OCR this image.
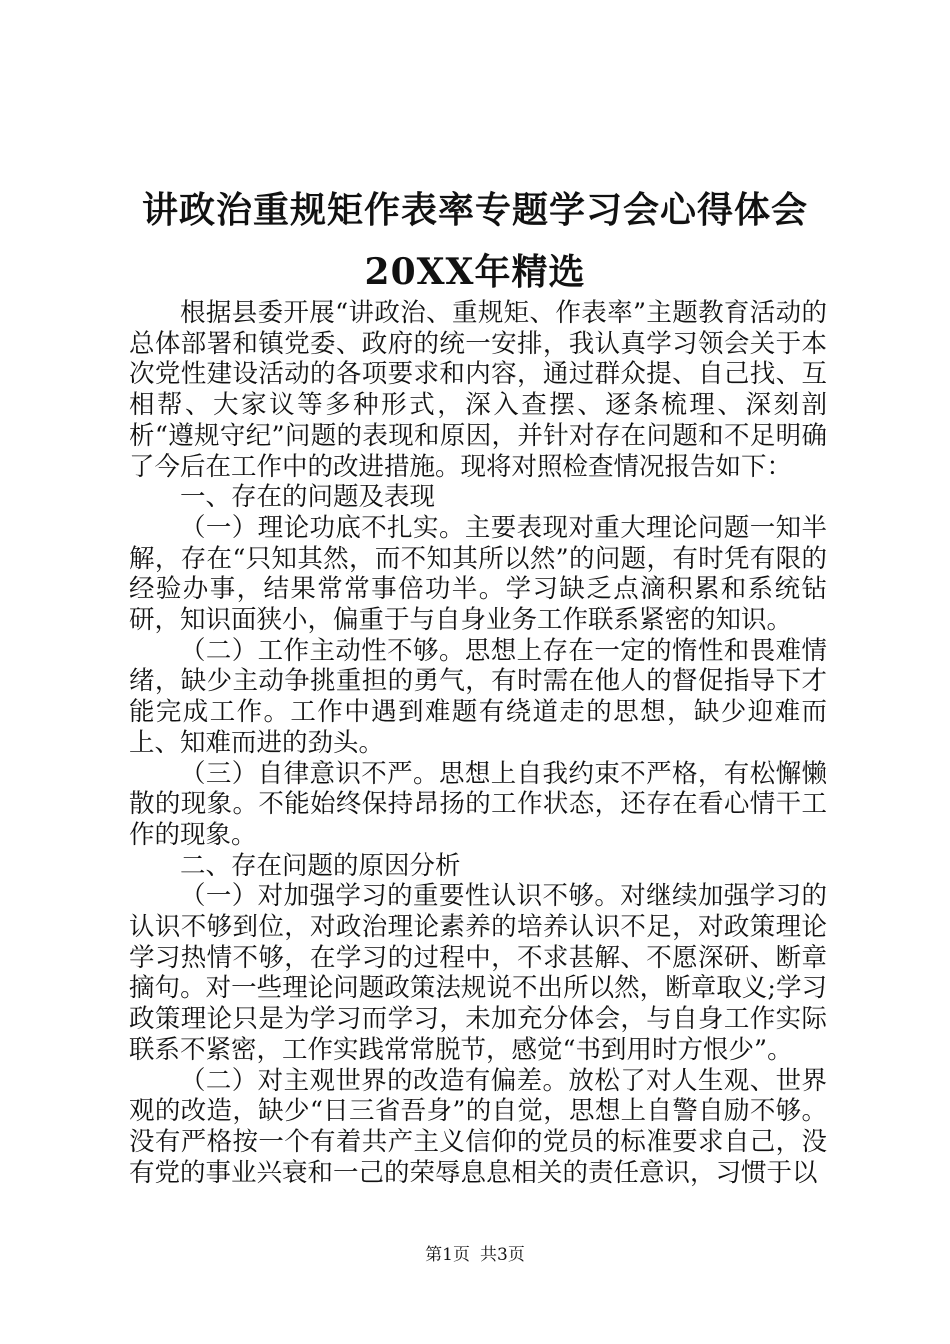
讲政治重规矩作表率专题学习会心得体会
20XX年精选

根据县委开展“讲政治、重规矩、作表率”主题教育活动的总体部署和镇党委、政府的统一安排，我认真学习领会关于本次党性建设活动的各项要求和内容，通过群众提、自己找、互相帮、大家议等多种形式，深入查摆、逐条梳理、深刻剖析“遵规守纪”问题的表现和原因，并针对存在问题和不足明确了今后在工作中的改进措施。现将对照检查情况报告如下：

一、存在的问题及表现

（一）理论功底不扎实。主要表现对重大理论问题一知半解，存在“只知其然，而不知其所以然”的问题，有时凭有限的经验办事，结果常常事倍功半。学习缺乏点滴积累和系统钻研，知识面狭小，偏重于与自身业务工作联系紧密的知识。

（二）工作主动性不够。思想上存在一定的惰性和畏难情绪，缺少主动争挑重担的勇气，有时需在他人的督促指导下才能完成工作。工作中遇到难题有绕道走的思想，缺少迎难而上、知难而进的劲头。

（三）自律意识不严。思想上自我约束不严格，有松懈懒散的现象。不能始终保持昂扬的工作状态，还存在看心情干工作的现象。

二、存在问题的原因分析

（一）对加强学习的重要性认识不够。对继续加强学习的认识不够到位，对政治理论素养的培养认识不足，对政策理论学习热情不够，在学习的过程中，不求甚解、不愿深研、断章摘句。对一些理论问题政策法规说不出所以然，断章取义;学习政策理论只是为学习而学习，未加充分体会，与自身工作实际联系不紧密，工作实践常常脱节，感觉“书到用时方恨少”。

（二）对主观世界的改造有偏差。放松了对人生观、世界观的改造，缺少“日三省吾身”的自觉，思想上自警自励不够。没有严格按一个有着共产主义信仰的党员的标准要求自己，没有党的事业兴衰和一己的荣辱息息相关的责任意识，习惯于以

第1页 共3页
